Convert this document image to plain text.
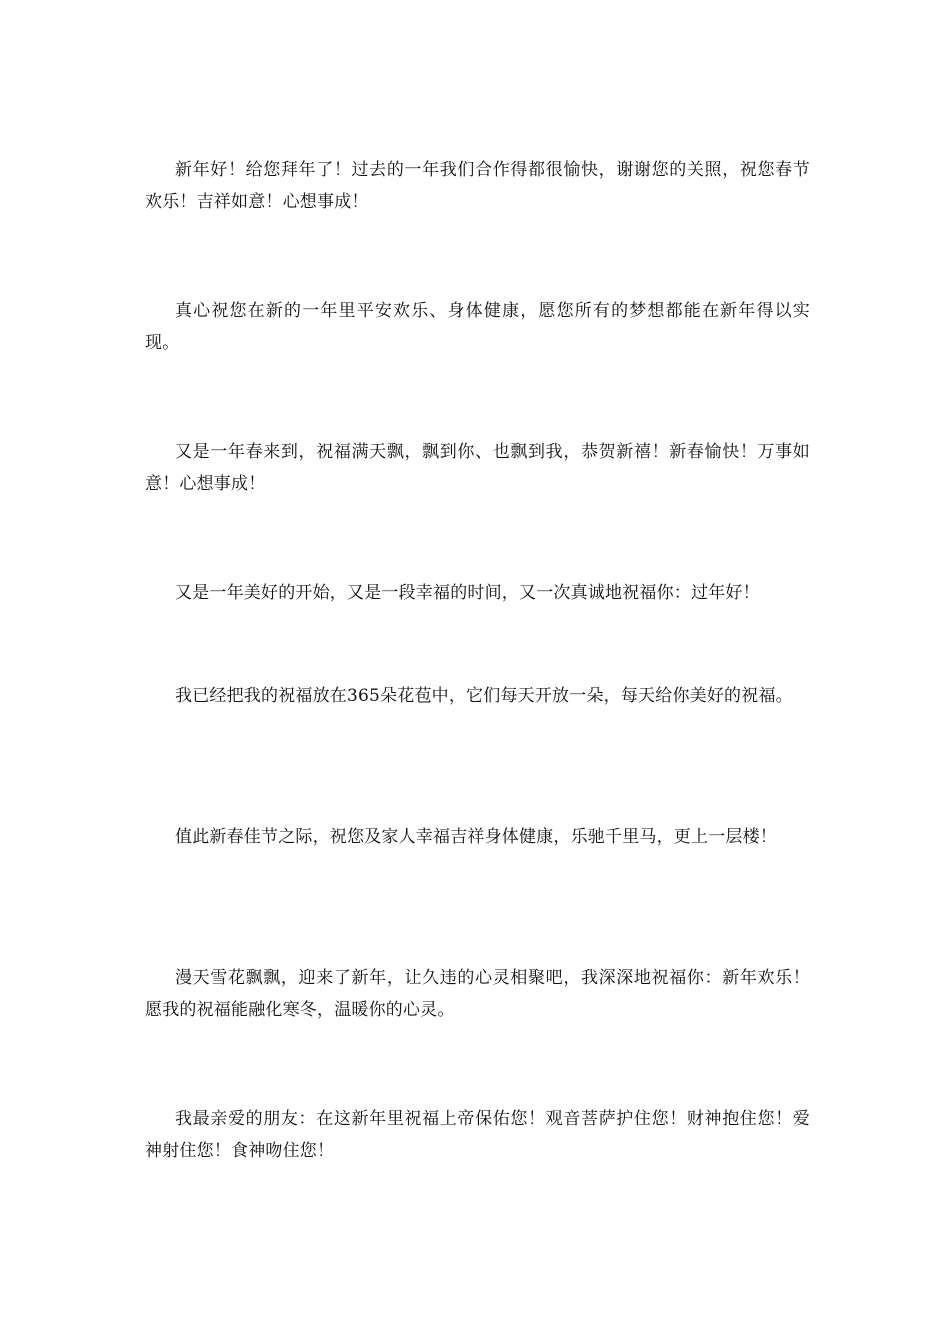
新年好！给您拜年了！过去的一年我们合作得都很愉快，谢谢您的关照，祝您春节欢乐！吉祥如意！心想事成！

真心祝您在新的一年里平安欢乐、身体健康，愿您所有的梦想都能在新年得以实现。

又是一年春来到，祝福满天飘，飘到你、也飘到我，恭贺新禧！新春愉快！万事如意！心想事成！

又是一年美好的开始，又是一段幸福的时间，又一次真诚地祝福你：过年好！

我已经把我的祝福放在365朵花苞中，它们每天开放一朵，每天给你美好的祝福。

值此新春佳节之际，祝您及家人幸福吉祥身体健康，乐驰千里马，更上一层楼！

漫天雪花飘飘，迎来了新年，让久违的心灵相聚吧，我深深地祝福你：新年欢乐！愿我的祝福能融化寒冬，温暖你的心灵。

我最亲爱的朋友：在这新年里祝福上帝保佑您！观音菩萨护住您！财神抱住您！爱神射住您！食神吻住您！
